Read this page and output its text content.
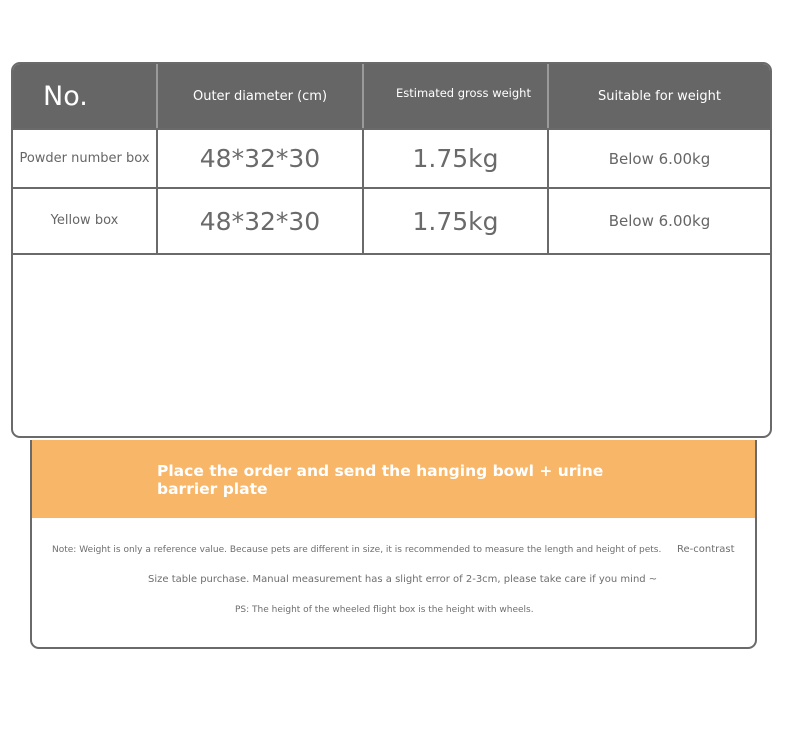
No.	Outer diameter (cm)	Estimated gross weight	Suitable for weight
Powder number box	48*32*30	1.75kg	Below 6.00kg
Yellow box	48*32*30	1.75kg	Below 6.00kg
Place the order and send the hanging bowl + urine barrier plate
Note: Weight is only a reference value. Because pets are different in size, it is recommended to measure the length and height of pets. Re-contrast
Size table purchase. Manual measurement has a slight error of 2-3cm, please take care if you mind ~
PS: The height of the wheeled flight box is the height with wheels.
